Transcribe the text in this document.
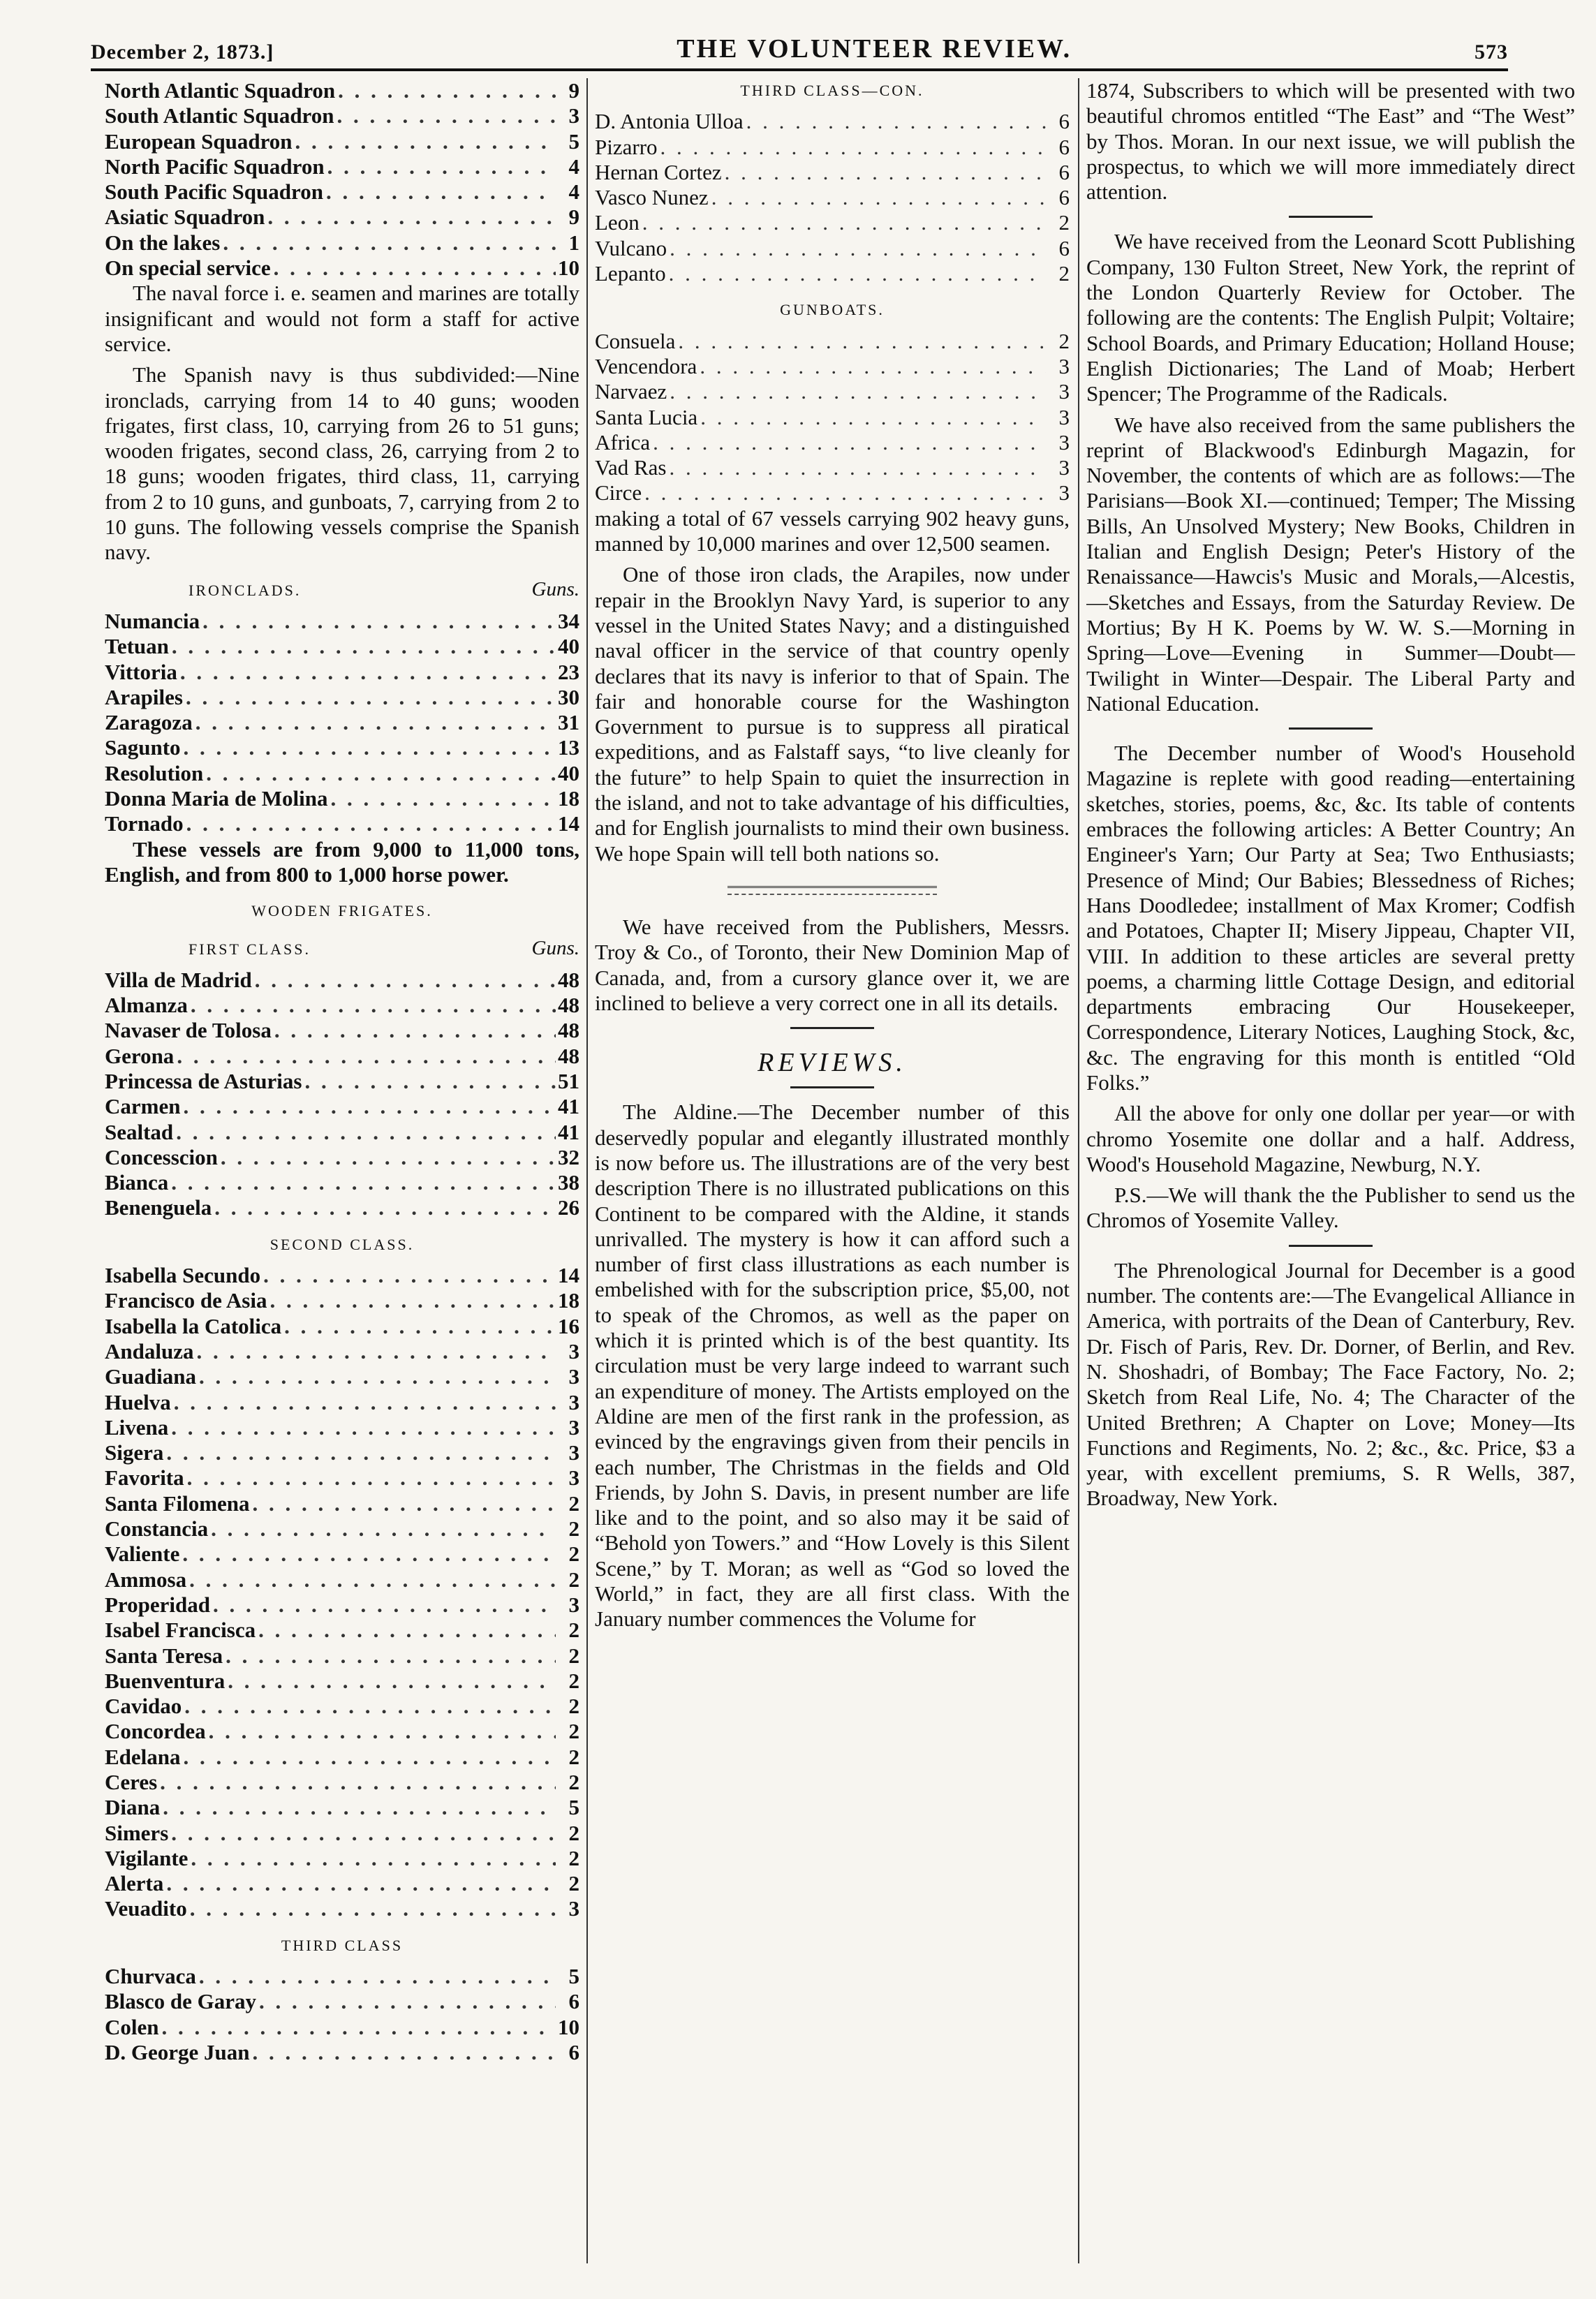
December 2, 1873.]	THE VOLUNTEER REVIEW.	573
North Atlantic Squadron . . .	9
South Atlantic Squadron . . .	3
European Squadron . . .	5
North Pacific Squadron . . .	4
South Pacific Squadron . . .	4
Asiatic Squadron . . .	9
On the lakes . . .	1
On special service . . .	10

The naval force i. e. seamen and marines are totally insignificant and would not form a staff for active service.

The Spanish navy is thus subdivided:—Nine ironclads, carrying from 14 to 40 guns; wooden frigates, first class, 10, carrying from 26 to 51 guns; wooden frigates, second class, 26, carrying from 2 to 18 guns; wooden frigates, third class, 11, carrying from 2 to 10 guns, and gunboats, 7, carrying from 2 to 10 guns. The following vessels comprise the Spanish navy.

IRONCLADS.	Guns.
Numancia . . .	34
Tetuan . . .	40
Vittoria . . .	23
Arapiles . . .	30
Zaragoza . . .	31
Sagunto . . .	13
Resolution . . .	40
Donna Maria de Molina . . .	18
Tornado . . .	14

These vessels are from 9,000 to 11,000 tons, English, and from 800 to 1,000 horse power.

WOODEN FRIGATES.
FIRST CLASS.	Guns.
Villa de Madrid . . .	48
Almanza . . .	48
Navaser de Tolosa . . .	48
Gerona . . .	48
Princessa de Asturias . . .	51
Carmen . . .	41
Sealtad . . .	41
Concesscion . . .	32
Bianca . . .	38
Benenguela . . .	26
SECOND CLASS.
Isabella Secundo . . .	14
Francisco de Asia . . .	18
Isabella la Catolica . . .	16
Andaluza . . .	3
Guadiana . . .	3
Huelva . . .	3
Livena . . .	3
Sigera . . .	3
Favorita . . .	3
Santa Filomena . . .	2
Constancia . . .	2
Valiente . . .	2
Ammosa . . .	2
Properidad . . .	3
Isabel Francisca . . .	2
Santa Teresa . . .	2
Buenventura . . .	2
Cavidao . . .	2
Concordea . . .	2
Edelana . . .	2
Ceres . . .	2
Diana . . .	5
Simers . . .	2
Vigilante . . .	2
Alerta . . .	2
Veuadito . . .	3
THIRD CLASS
Churvaca . . .	5
Blasco de Garay . . .	6
Colen . . .	10
D. George Juan . . .	6
THIRD CLASS—CON.
D. Antonia Ulloa . . .	6
Pizarro . . .	6
Hernan Cortez . . .	6
Vasco Nunez . . .	6
Leon . . .	2
Vulcano . . .	6
Lepanto . . .	2
GUNBOATS.
Consuela . . .	2
Vencendora . . .	3
Narvaez . . .	3
Santa Lucia . . .	3
Africa . . .	3
Vad Ras . . .	3
Circe . . .	3

making a total of 67 vessels carrying 902 heavy guns, manned by 10,000 marines and over 12,500 seamen.

One of those iron clads, the Arapiles, now under repair in the Brooklyn Navy Yard, is superior to any vessel in the United States Navy; and a distinguished naval officer in the service of that country openly declares that its navy is inferior to that of Spain. The fair and honorable course for the Washington Government to pursue is to suppress all piratical expeditions, and as Falstaff says, “to live cleanly for the future” to help Spain to quiet the insurrection in the island, and not to take advantage of his difficulties, and for English journalists to mind their own business. We hope Spain will tell both nations so.

We have received from the Publishers, Messrs. Troy & Co., of Toronto, their New Dominion Map of Canada, and, from a cursory glance over it, we are inclined to believe a very correct one in all its details.

REVIEWS.

The Aldine.—The December number of this deservedly popular and elegantly illustrated monthly is now before us. The illustrations are of the very best description There is no illustrated publications on this Continent to be compared with the Aldine, it stands unrivalled. The mystery is how it can afford such a number of first class illustrations as each number is embelished with for the subscription price, $5,00, not to speak of the Chromos, as well as the paper on which it is printed which is of the best quantity. Its circulation must be very large indeed to warrant such an expenditure of money. The Artists employed on the Aldine are men of the first rank in the profession, as evinced by the engravings given from their pencils in each number, The Christmas in the fields and Old Friends, by John S. Davis, in present number are life like and to the point, and so also may it be said of “Behold yon Towers.” and “How Lovely is this Silent Scene,” by T. Moran; as well as “God so loved the World,” in fact, they are all first class. With the January number commences the Volume for

1874, Subscribers to which will be presented with two beautiful chromos entitled “The East” and “The West” by Thos. Moran. In our next issue, we will publish the prospectus, to which we will more immediately direct attention.

We have received from the Leonard Scott Publishing Company, 130 Fulton Street, New York, the reprint of the London Quarterly Review for October. The following are the contents: The English Pulpit; Voltaire; School Boards, and Primary Education; Holland House; English Dictionaries; The Land of Moab; Herbert Spencer; The Programme of the Radicals.

We have also received from the same publishers the reprint of Blackwood's Edinburgh Magazin, for November, the contents of which are as follows:—The Parisians—Book XI.—continued; Temper; The Missing Bills, An Unsolved Mystery; New Books, Children in Italian and English Design; Peter's History of the Renaissance—Hawcis's Music and Morals,—Alcestis,—Sketches and Essays, from the Saturday Review. De Mortius; By H K. Poems by W. W. S.—Morning in Spring—Love—Evening in Summer—Doubt—Twilight in Winter—Despair. The Liberal Party and National Education.

The December number of Wood's Household Magazine is replete with good reading—entertaining sketches, stories, poems, &c, &c. Its table of contents embraces the following articles: A Better Country; An Engineer's Yarn; Our Party at Sea; Two Enthusiasts; Presence of Mind; Our Babies; Blessedness of Riches; Hans Doodledee; installment of Max Kromer; Codfish and Potatoes, Chapter II; Misery Jippeau, Chapter VII, VIII. In addition to these articles are several pretty poems, a charming little Cottage Design, and editorial departments embracing Our Housekeeper, Correspondence, Literary Notices, Laughing Stock, &c, &c. The engraving for this month is entitled “Old Folks.”

All the above for only one dollar per year—or with chromo Yosemite one dollar and a half. Address, Wood's Household Magazine, Newburg, N.Y.

P.S.—We will thank the the Publisher to send us the Chromos of Yosemite Valley.

The Phrenological Journal for December is a good number. The contents are:—The Evangelical Alliance in America, with portraits of the Dean of Canterbury, Rev. Dr. Fisch of Paris, Rev. Dr. Dorner, of Berlin, and Rev. N. Shoshadri, of Bombay; The Face Factory, No. 2; Sketch from Real Life, No. 4; The Character of the United Brethren; A Chapter on Love; Money—Its Functions and Regiments, No. 2; &c., &c. Price, $3 a year, with excellent premiums, S. R Wells, 387, Broadway, New York.
